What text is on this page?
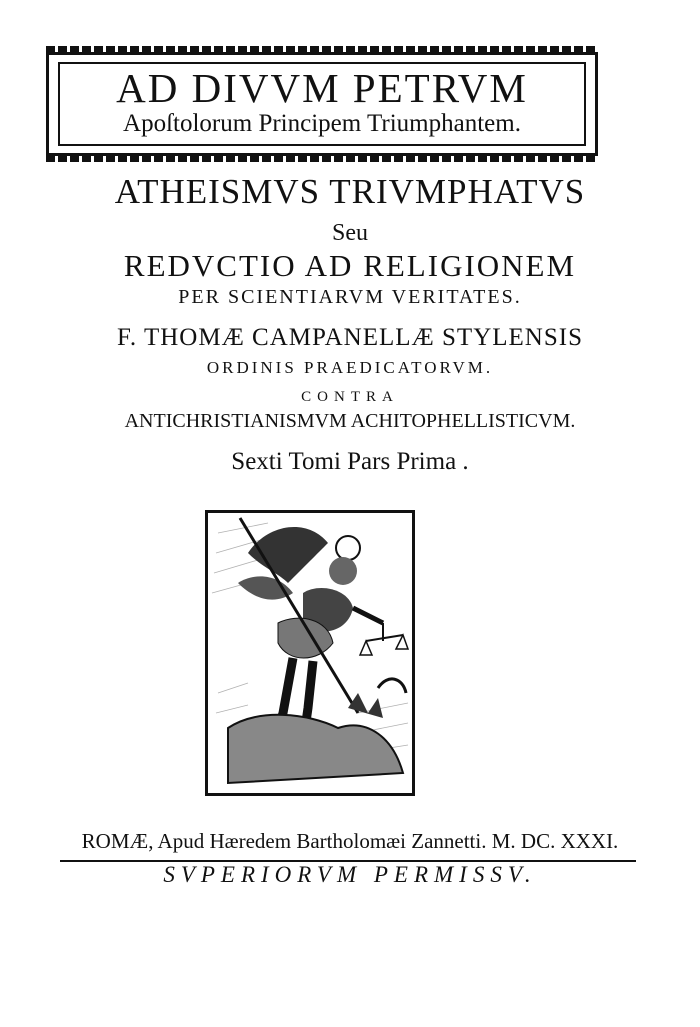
AD DIVVM PETRVM
Apoſtolorum Principem Triumphantem.
ATHEISMVS TRIVMPHATVS
Seu
REDVCTIO AD RELIGIONEM
PER SCIENTIARVM VERITATES.
F. THOMÆ CAMPANELLÆ STYLENSIS
ORDINIS PRAEDICATORVM.
CONTRA
ANTICHRISTIANISMVM ACHITOPHELLISTICVM.
Sexti Tomi Pars Prima .
ROMÆ, Apud Hæredem Bartholomæi Zannetti. M. DC. XXXI.
SVPERIORVM PERMISSV.
